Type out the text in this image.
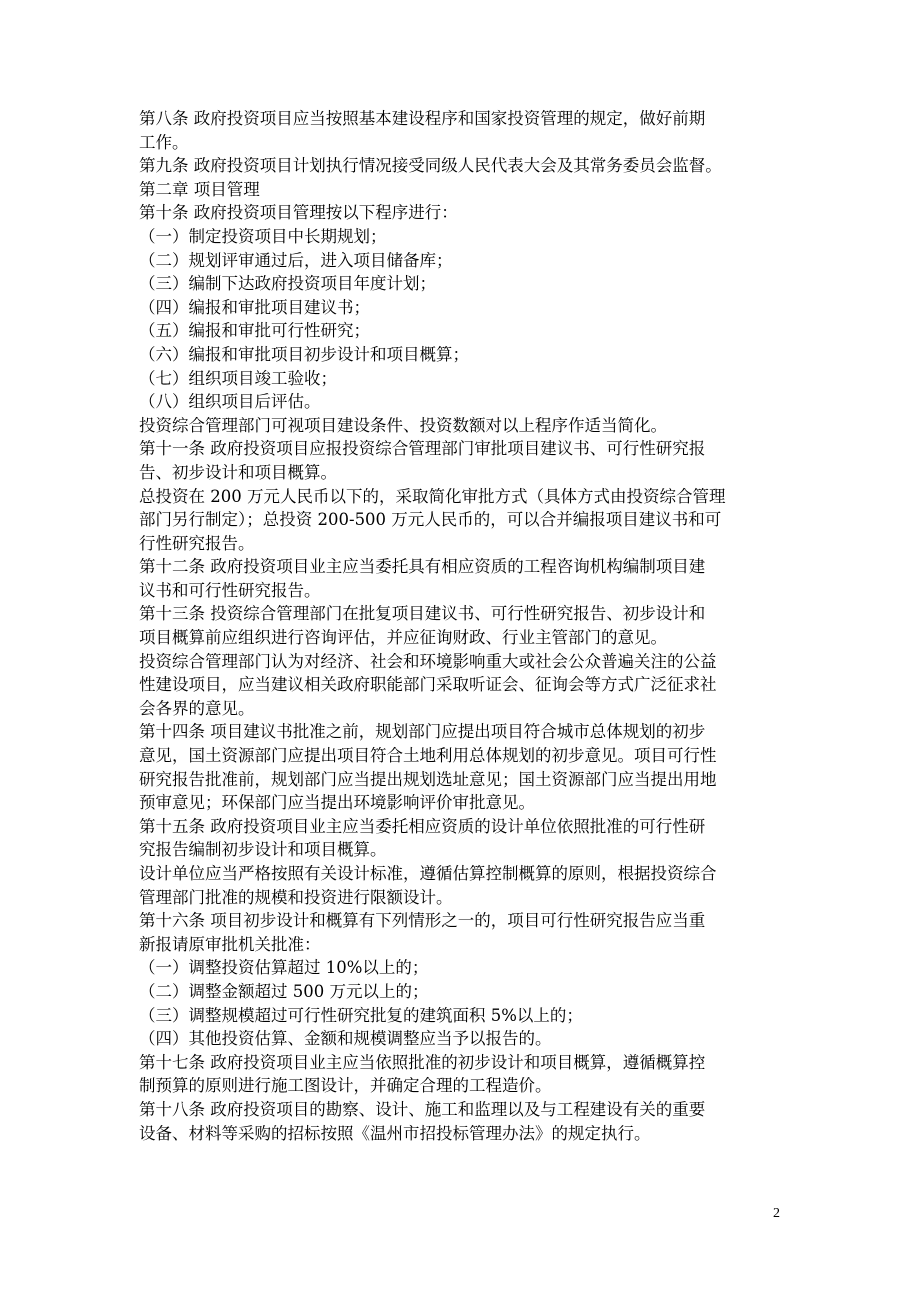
第八条 政府投资项目应当按照基本建设程序和国家投资管理的规定，做好前期
工作。
第九条 政府投资项目计划执行情况接受同级人民代表大会及其常务委员会监督。
第二章 项目管理
第十条 政府投资项目管理按以下程序进行：
（一）制定投资项目中长期规划；
（二）规划评审通过后，进入项目储备库；
（三）编制下达政府投资项目年度计划；
（四）编报和审批项目建议书；
（五）编报和审批可行性研究；
（六）编报和审批项目初步设计和项目概算；
（七）组织项目竣工验收；
（八）组织项目后评估。
投资综合管理部门可视项目建设条件、投资数额对以上程序作适当简化。
第十一条 政府投资项目应报投资综合管理部门审批项目建议书、可行性研究报
告、初步设计和项目概算。
总投资在 200 万元人民币以下的，采取简化审批方式（具体方式由投资综合管理
部门另行制定）；总投资 200-500 万元人民币的，可以合并编报项目建议书和可
行性研究报告。
第十二条 政府投资项目业主应当委托具有相应资质的工程咨询机构编制项目建
议书和可行性研究报告。
第十三条 投资综合管理部门在批复项目建议书、可行性研究报告、初步设计和
项目概算前应组织进行咨询评估，并应征询财政、行业主管部门的意见。
投资综合管理部门认为对经济、社会和环境影响重大或社会公众普遍关注的公益
性建设项目，应当建议相关政府职能部门采取听证会、征询会等方式广泛征求社
会各界的意见。
第十四条 项目建议书批准之前，规划部门应提出项目符合城市总体规划的初步
意见，国土资源部门应提出项目符合土地利用总体规划的初步意见。项目可行性
研究报告批准前，规划部门应当提出规划选址意见；国土资源部门应当提出用地
预审意见；环保部门应当提出环境影响评价审批意见。
第十五条 政府投资项目业主应当委托相应资质的设计单位依照批准的可行性研
究报告编制初步设计和项目概算。
设计单位应当严格按照有关设计标准，遵循估算控制概算的原则，根据投资综合
管理部门批准的规模和投资进行限额设计。
第十六条 项目初步设计和概算有下列情形之一的，项目可行性研究报告应当重
新报请原审批机关批准：
（一）调整投资估算超过 10%以上的；
（二）调整金额超过 500 万元以上的；
（三）调整规模超过可行性研究批复的建筑面积 5%以上的；
（四）其他投资估算、金额和规模调整应当予以报告的。
第十七条 政府投资项目业主应当依照批准的初步设计和项目概算，遵循概算控
制预算的原则进行施工图设计，并确定合理的工程造价。
第十八条 政府投资项目的勘察、设计、施工和监理以及与工程建设有关的重要
设备、材料等采购的招标按照《温州市招投标管理办法》的规定执行。
2
